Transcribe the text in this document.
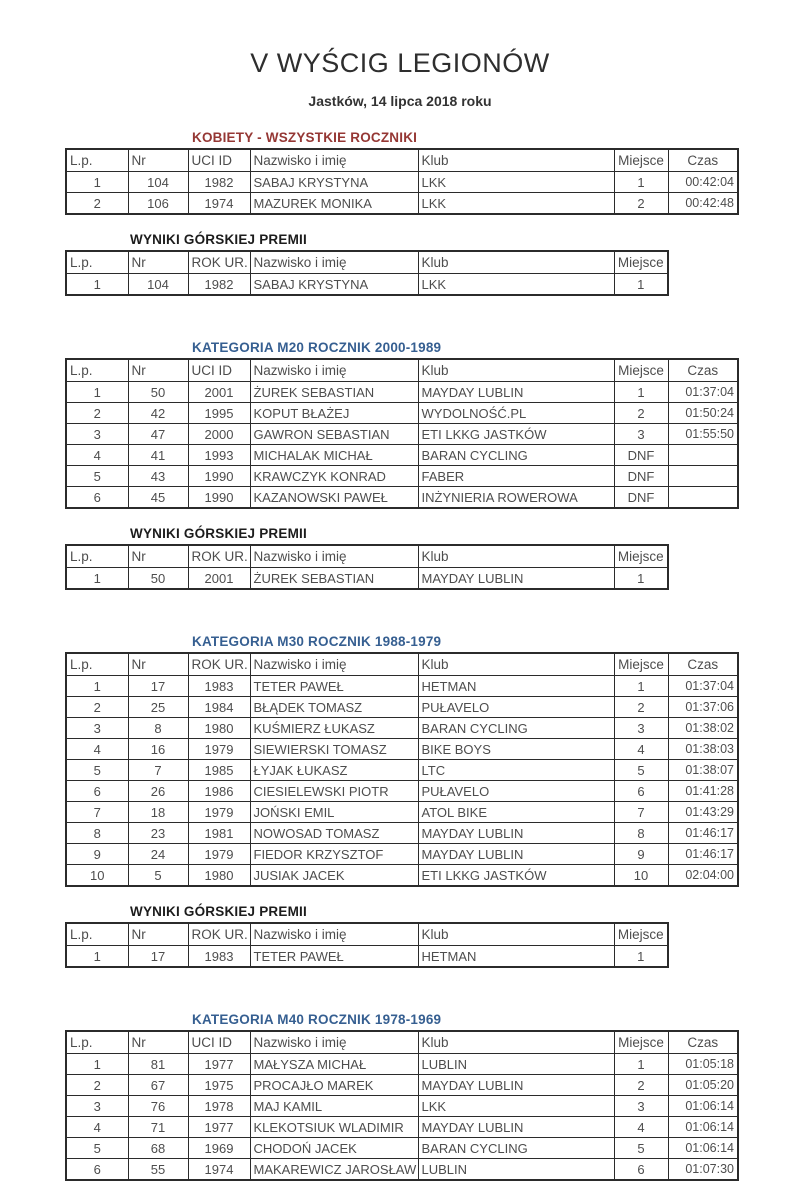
V WYŚCIG LEGIONÓW
Jastków, 14 lipca 2018 roku
KOBIETY - WSZYSTKIE ROCZNIKI
L.p.	Nr	UCI ID	Nazwisko i imię	Klub	Miejsce	Czas
1	104	1982	SABAJ KRYSTYNA	LKK	1	00:42:04
2	106	1974	MAZUREK MONIKA	LKK	2	00:42:48
WYNIKI GÓRSKIEJ PREMII
L.p.	Nr	ROK UR.	Nazwisko i imię	Klub	Miejsce
1	104	1982	SABAJ KRYSTYNA	LKK	1
KATEGORIA M20 ROCZNIK 2000-1989
L.p.	Nr	UCI ID	Nazwisko i imię	Klub	Miejsce	Czas
1	50	2001	ŻUREK SEBASTIAN	MAYDAY LUBLIN	1	01:37:04
2	42	1995	KOPUT BŁAŻEJ	WYDOLNOŚĆ.PL	2	01:50:24
3	47	2000	GAWRON SEBASTIAN	ETI LKKG JASTKÓW	3	01:55:50
4	41	1993	MICHALAK MICHAŁ	BARAN CYCLING	DNF	
5	43	1990	KRAWCZYK KONRAD	FABER	DNF	
6	45	1990	KAZANOWSKI PAWEŁ	INŻYNIERIA ROWEROWA	DNF	
WYNIKI GÓRSKIEJ PREMII
L.p.	Nr	ROK UR.	Nazwisko i imię	Klub	Miejsce
1	50	2001	ŻUREK SEBASTIAN	MAYDAY LUBLIN	1
KATEGORIA M30 ROCZNIK 1988-1979
L.p.	Nr	ROK UR.	Nazwisko i imię	Klub	Miejsce	Czas
1	17	1983	TETER PAWEŁ	HETMAN	1	01:37:04
2	25	1984	BŁĄDEK TOMASZ	PUŁAVELO	2	01:37:06
3	8	1980	KUŚMIERZ ŁUKASZ	BARAN CYCLING	3	01:38:02
4	16	1979	SIEWIERSKI TOMASZ	BIKE BOYS	4	01:38:03
5	7	1985	ŁYJAK ŁUKASZ	LTC	5	01:38:07
6	26	1986	CIESIELEWSKI PIOTR	PUŁAVELO	6	01:41:28
7	18	1979	JOŃSKI EMIL	ATOL BIKE	7	01:43:29
8	23	1981	NOWOSAD TOMASZ	MAYDAY LUBLIN	8	01:46:17
9	24	1979	FIEDOR KRZYSZTOF	MAYDAY LUBLIN	9	01:46:17
10	5	1980	JUSIAK JACEK	ETI LKKG JASTKÓW	10	02:04:00
WYNIKI GÓRSKIEJ PREMII
L.p.	Nr	ROK UR.	Nazwisko i imię	Klub	Miejsce
1	17	1983	TETER PAWEŁ	HETMAN	1
KATEGORIA M40 ROCZNIK 1978-1969
L.p.	Nr	UCI ID	Nazwisko i imię	Klub	Miejsce	Czas
1	81	1977	MAŁYSZA MICHAŁ	LUBLIN	1	01:05:18
2	67	1975	PROCAJŁO MAREK	MAYDAY LUBLIN	2	01:05:20
3	76	1978	MAJ KAMIL	LKK	3	01:06:14
4	71	1977	KLEKOTSIUK WLADIMIR	MAYDAY LUBLIN	4	01:06:14
5	68	1969	CHODOŃ JACEK	BARAN CYCLING	5	01:06:14
6	55	1974	MAKAREWICZ JAROSŁAW	LUBLIN	6	01:07:30
